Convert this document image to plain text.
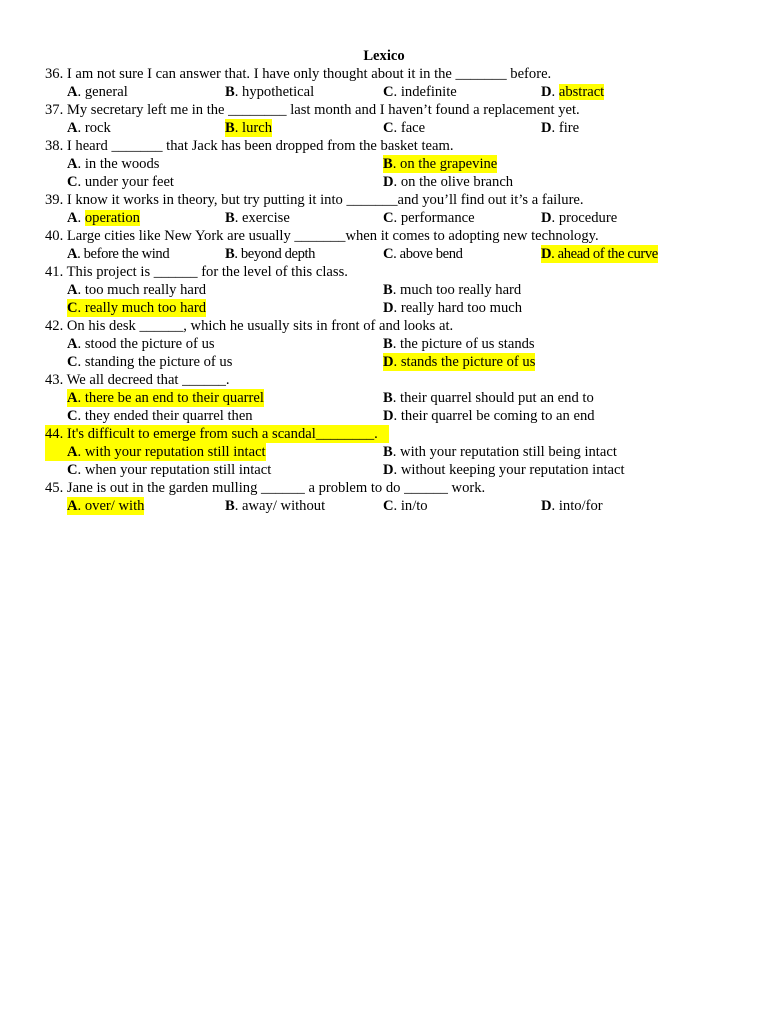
Lexico
36. I am not sure I can answer that. I have only thought about it in the _______ before.
A. general	B. hypothetical	C. indefinite	D. abstract
37. My secretary left me in the ________ last month and I haven’t found a replacement yet.
A. rock	B. lurch	C. face	D. fire
38. I heard _______ that Jack has been dropped from the basket team.
A. in the woods	B. on the grapevine
C. under your feet	D. on the olive branch
39. I know it works in theory, but try putting it into _______and you’ll find out it’s a failure.
A. operation	B. exercise	C. performance	D. procedure
40. Large cities like New York are usually _______when it comes to adopting new technology.
A. before the wind	B. beyond depth	C. above bend	D. ahead of the curve
41. This project is ______ for the level of this class.
A. too much really hard	B. much too really hard
C. really much too hard	D. really hard too much
42. On his desk ______, which he usually sits in front of and looks at.
A. stood the picture of us	B. the picture of us stands
C. standing the picture of us	D. stands the picture of us
43. We all decreed that ______.
A. there be an end to their quarrel	B. their quarrel should put an end to
C. they ended their quarrel then	D. their quarrel be coming to an end
44. It's difficult to emerge from such a scandal________.
A. with your reputation still intact	B. with your reputation still being intact
C. when your reputation still intact	D. without keeping your reputation intact
45. Jane is out in the garden mulling ______ a problem to do ______ work.
A. over/ with	B. away/ without	C. in/to	D. into/for
